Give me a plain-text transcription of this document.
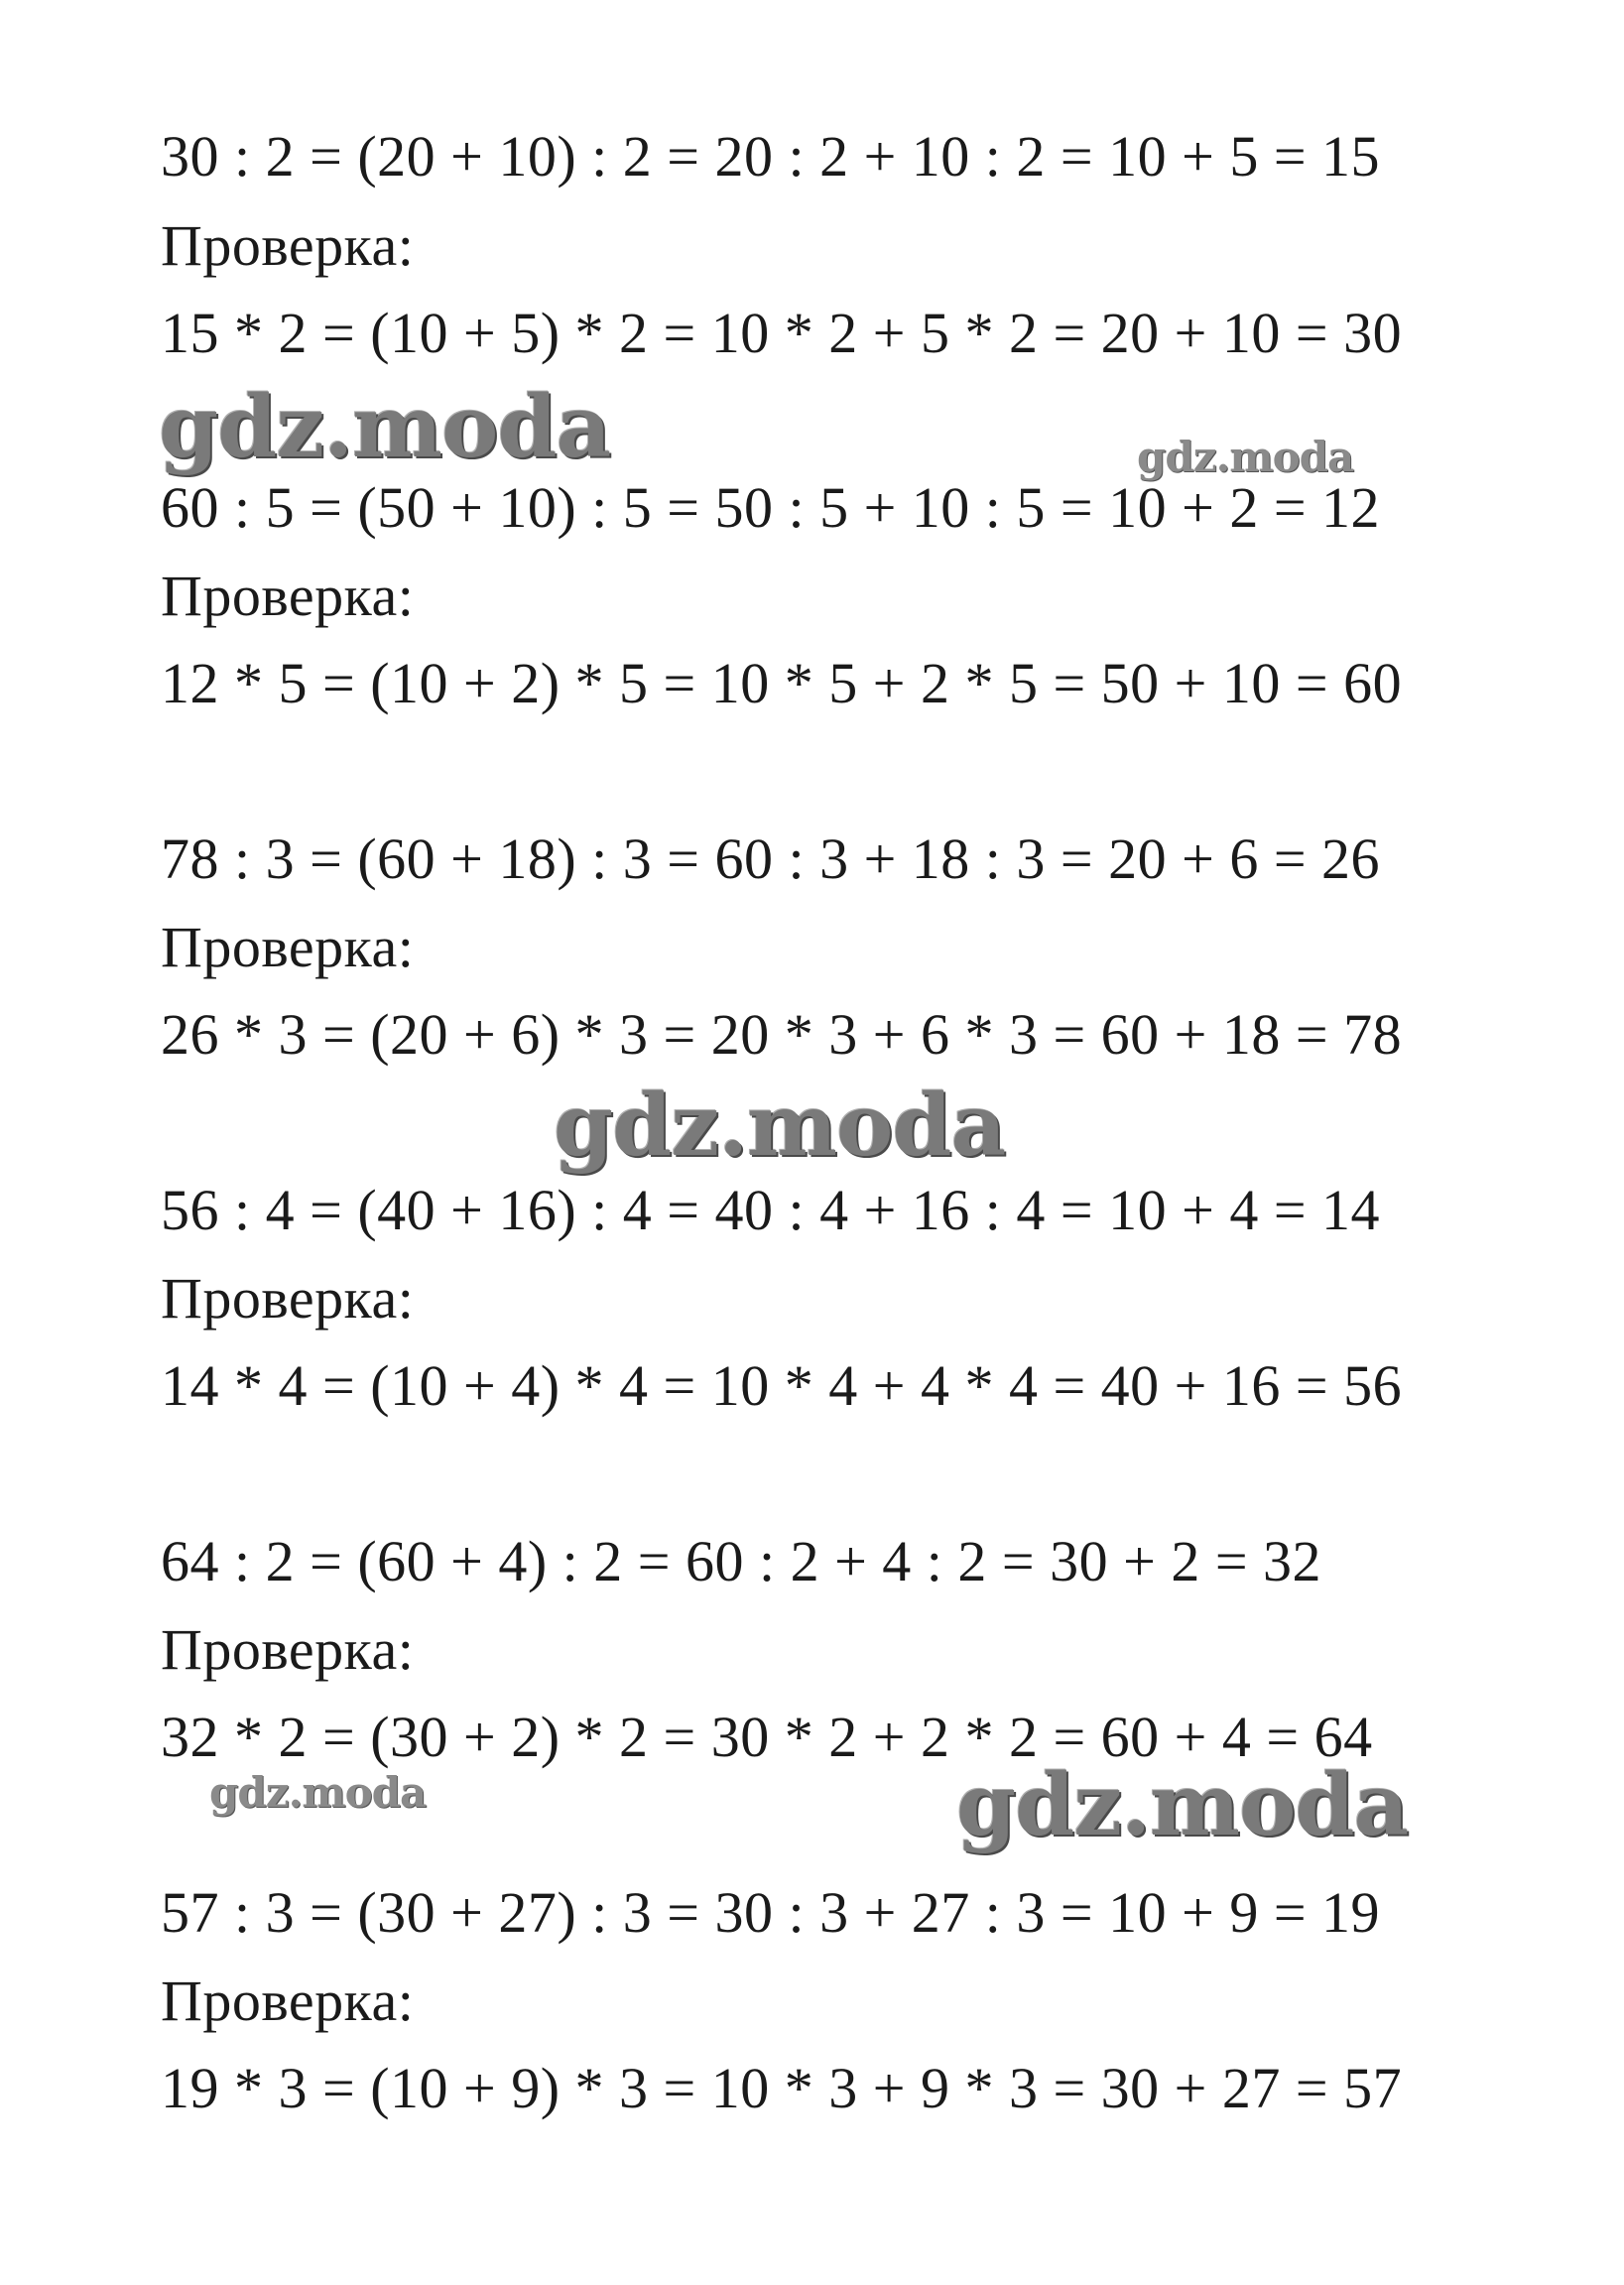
30 : 2 = (20 + 10) : 2 = 20 : 2 + 10 : 2 = 10 + 5 = 15
Проверка:
15 * 2 = (10 + 5) * 2 = 10 * 2 + 5 * 2 = 20 + 10 = 30
60 : 5 = (50 + 10) : 5 = 50 : 5 + 10 : 5 = 10 + 2 = 12
Проверка:
12 * 5 = (10 + 2) * 5 = 10 * 5 + 2 * 5 = 50 + 10 = 60
78 : 3 = (60 + 18) : 3 = 60 : 3 + 18 : 3 = 20 + 6 = 26
Проверка:
26 * 3 = (20 + 6) * 3 = 20 * 3 + 6 * 3 = 60 + 18 = 78
56 : 4 = (40 + 16) : 4 = 40 : 4 + 16 : 4 = 10 + 4 = 14
Проверка:
14 * 4 = (10 + 4) * 4 = 10 * 4 + 4 * 4 = 40 + 16 = 56
64 : 2 = (60 + 4) : 2 = 60 : 2 + 4 : 2 = 30 + 2 = 32
Проверка:
32 * 2 = (30 + 2) * 2 = 30 * 2 + 2 * 2 = 60 + 4 = 64
57 : 3 = (30 + 27) : 3 = 30 : 3 + 27 : 3 = 10 + 9 = 19
Проверка:
19 * 3 = (10 + 9) * 3 = 10 * 3 + 9 * 3 = 30 + 27 = 57
gdz.moda	gdz.moda
gdz.moda
gdz.moda	gdz.moda
